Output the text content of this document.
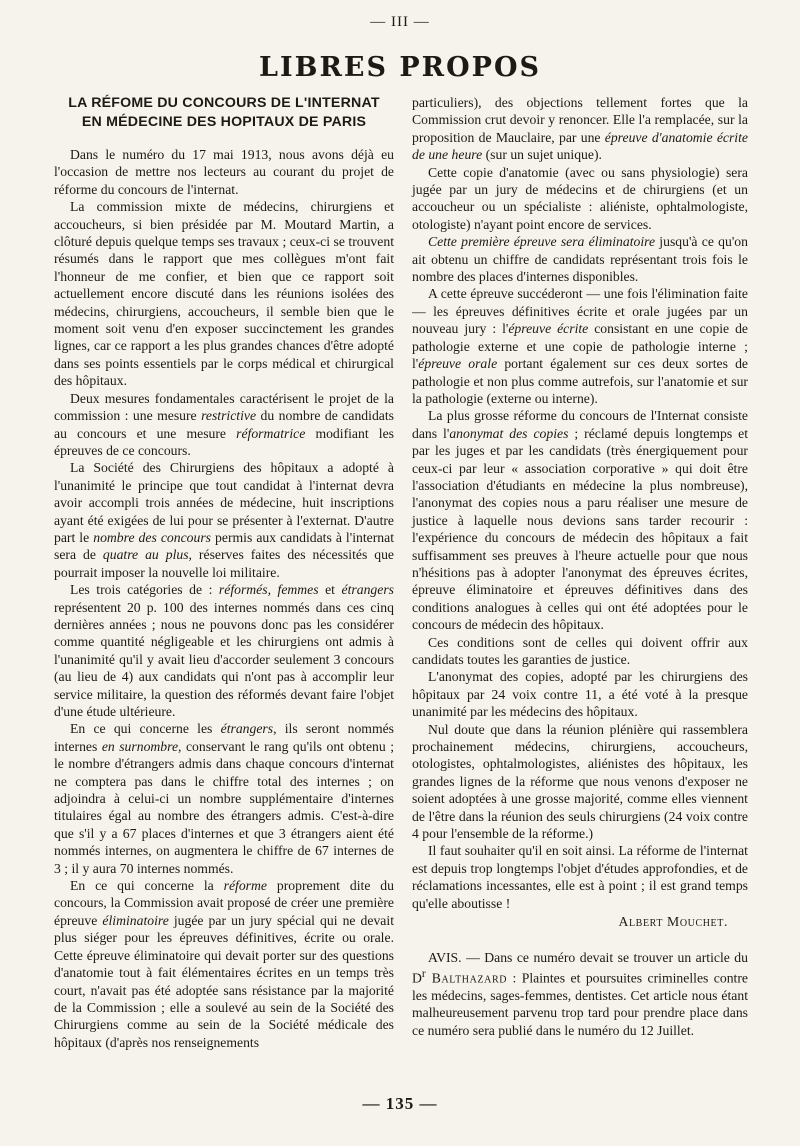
— III —
LIBRES PROPOS
LA RÉFOME DU CONCOURS DE L'INTERNAT
EN MÉDECINE DES HOPITAUX DE PARIS

Dans le numéro du 17 mai 1913, nous avons déjà eu l'occasion de mettre nos lecteurs au courant du projet de réforme du concours de l'internat.

La commission mixte de médecins, chirurgiens et accoucheurs, si bien présidée par M. Moutard Martin, a clôturé depuis quelque temps ses travaux ; ceux-ci se trouvent résumés dans le rapport que mes collègues m'ont fait l'honneur de me confier, et bien que ce rapport soit actuellement encore discuté dans les réunions isolées des médecins, chirurgiens, accoucheurs, il semble bien que le moment soit venu d'en exposer succinctement les grandes lignes, car ce rapport a les plus grandes chances d'être adopté dans ses points essentiels par le corps médical et chirurgical des hôpitaux.

Deux mesures fondamentales caractérisent le projet de la commission : une mesure restrictive du nombre de candidats au concours et une mesure réformatrice modifiant les épreuves de ce concours.

La Société des Chirurgiens des hôpitaux a adopté à l'unanimité le principe que tout candidat à l'internat devra avoir accompli trois années de médecine, huit inscriptions ayant été exigées de lui pour se présenter à l'externat. D'autre part le nombre des concours permis aux candidats à l'internat sera de quatre au plus, réserves faites des nécessités que pourrait imposer la nouvelle loi militaire.

Les trois catégories de : réformés, femmes et étrangers représentent 20 p. 100 des internes nommés dans ces cinq dernières années ; nous ne pouvons donc pas les considérer comme quantité négligeable et les chirurgiens ont admis à l'unanimité qu'il y avait lieu d'accorder seulement 3 concours (au lieu de 4) aux candidats qui n'ont pas à accomplir leur service militaire, la question des réformés devant faire l'objet d'une étude ultérieure.

En ce qui concerne les étrangers, ils seront nommés internes en surnombre, conservant le rang qu'ils ont obtenu ; le nombre d'étrangers admis dans chaque concours d'internat ne comptera pas dans le chiffre total des internes ; on adjoindra à celui-ci un nombre supplémentaire d'internes titulaires égal au nombre des étrangers admis. C'est-à-dire que s'il y a 67 places d'internes et que 3 étrangers aient été nommés internes, on augmentera le chiffre de 67 internes de 3 ; il y aura 70 internes nommés.

En ce qui concerne la réforme proprement dite du concours, la Commission avait proposé de créer une première épreuve éliminatoire jugée par un jury spécial qui ne devait plus siéger pour les épreuves définitives, écrite ou orale. Cette épreuve éliminatoire qui devait porter sur des questions d'anatomie tout à fait élémentaires écrites en un temps très court, n'avait pas été adoptée sans résistance par la majorité de la Commission ; elle a soulevé au sein de la Société des Chirurgiens comme au sein de la Société médicale des hôpitaux (d'après nos renseignements

particuliers), des objections tellement fortes que la Commission crut devoir y renoncer. Elle l'a remplacée, sur la proposition de Mauclaire, par une épreuve d'anatomie écrite de une heure (sur un sujet unique).

Cette copie d'anatomie (avec ou sans physiologie) sera jugée par un jury de médecins et de chirurgiens (et un accoucheur ou un spécialiste : aliéniste, ophtalmologiste, otologiste) n'ayant point encore de services.

Cette première épreuve sera éliminatoire jusqu'à ce qu'on ait obtenu un chiffre de candidats représentant trois fois le nombre des places d'internes disponibles.

A cette épreuve succéderont — une fois l'élimination faite — les épreuves définitives écrite et orale jugées par un nouveau jury : l'épreuve écrite consistant en une copie de pathologie externe et une copie de pathologie interne ; l'épreuve orale portant également sur ces deux sortes de pathologie et non plus comme autrefois, sur l'anatomie et sur la pathologie (externe ou interne).

La plus grosse réforme du concours de l'Internat consiste dans l'anonymat des copies ; réclamé depuis longtemps et par les juges et par les candidats (très énergiquement pour ceux-ci par leur « association corporative » qui doit être l'association d'étudiants en médecine la plus nombreuse), l'anonymat des copies nous a paru réaliser une mesure de justice à laquelle nous devions sans tarder recourir : l'expérience du concours de médecin des hôpitaux a fait suffisamment ses preuves à l'heure actuelle pour que nous n'hésitions pas à adopter l'anonymat des épreuves écrites, épreuve éliminatoire et épreuves définitives dans des conditions analogues à celles qui ont été adoptées pour le concours de médecin des hôpitaux.

Ces conditions sont de celles qui doivent offrir aux candidats toutes les garanties de justice.

L'anonymat des copies, adopté par les chirurgiens des hôpitaux par 24 voix contre 11, a été voté à la presque unanimité par les médecins des hôpitaux.

Nul doute que dans la réunion plénière qui rassemblera prochainement médecins, chirurgiens, accoucheurs, otologistes, ophtalmologistes, aliénistes des hôpitaux, les grandes lignes de la réforme que nous venons d'exposer ne soient adoptées à une grosse majorité, comme elles viennent de l'être dans la réunion des seuls chirurgiens (24 voix contre 4 pour l'ensemble de la réforme.)

Il faut souhaiter qu'il en soit ainsi. La réforme de l'internat est depuis trop longtemps l'objet d'études approfondies, et de réclamations incessantes, elle est à point ; il est grand temps qu'elle aboutisse !

Albert Mouchet.

AVIS. — Dans ce numéro devait se trouver un article du $D^r$ Balthazard : Plaintes et poursuites criminelles contre les médecins, sages-femmes, dentistes. Cet article nous étant malheureusement parvenu trop tard pour prendre place dans ce numéro sera publié dans le numéro du 12 Juillet.

— 135 —
